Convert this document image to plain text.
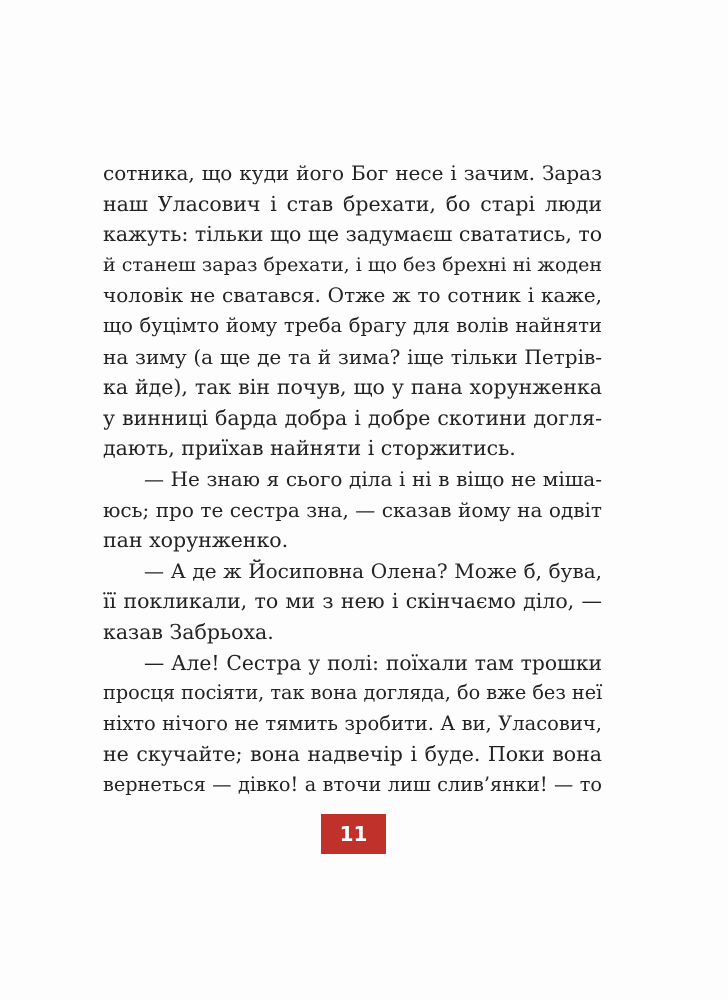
сотника, що куди його Бог несе і зачим. Зараз
наш Уласович і став брехати, бо старі люди
кажуть: тільки що ще задумаєш свататись, то
й станеш зараз брехати, і що без брехні ні жоден
чоловік не сватався. Отже ж то сотник і каже,
що буцімто йому треба брагу для волів найняти
на зиму (а ще де та й зима? іще тільки Петрів-
ка йде), так він почув, що у пана хорунженка
у винниці барда добра і добре скотини догля-
дають, приїхав найняти і сторжитись.
— Не знаю я сього діла і ні в віщо не міша-
юсь; про те сестра зна, — сказав йому на одвіт
пан хорунженко.
— А де ж Йосиповна Олена? Може б, бува,
її покликали, то ми з нею і скінчаємо діло, —
казав Забрьоха.
— Але! Сестра у полі: поїхали там трошки
просця посіяти, так вона догляда, бо вже без неї
ніхто нічого не тямить зробити. А ви, Уласович,
не скучайте; вона надвечір і буде. Поки вона
вернеться — дівко! а вточи лиш слив’янки! — то
11
